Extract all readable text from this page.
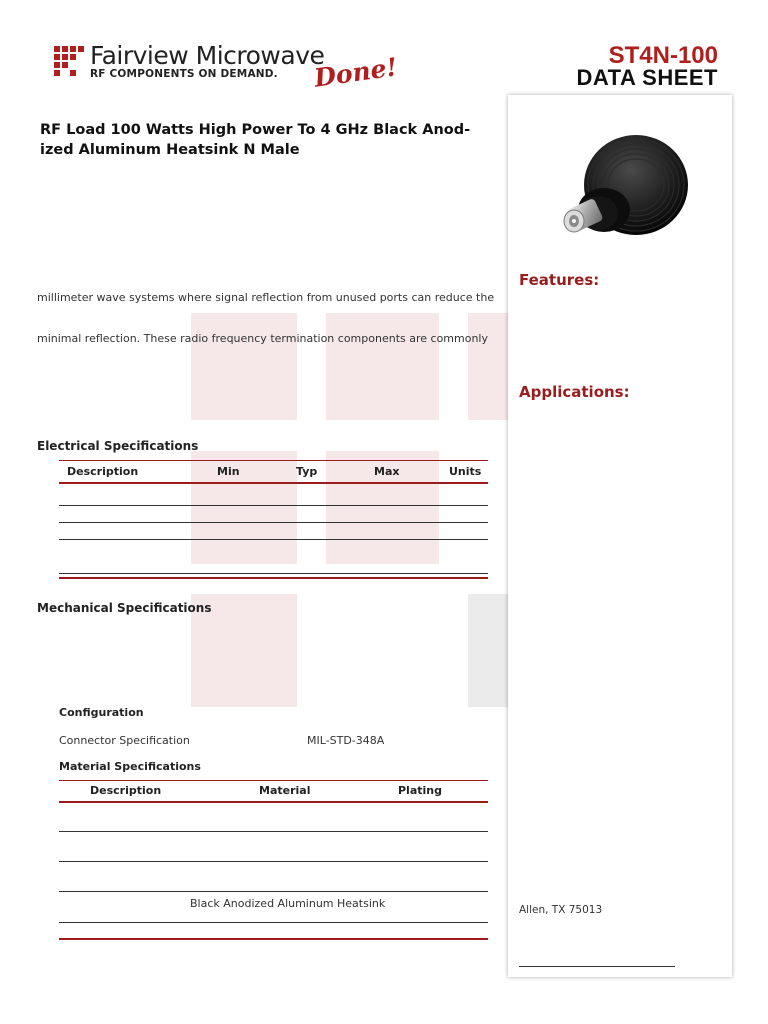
Fairview Microwave
RF COMPONENTS ON DEMAND. Done!	ST4N-100
DATA SHEET
Features:
Applications:
Allen, TX 75013
RF Load 100 Watts High Power To 4 GHz Black Anod-ized Aluminum Heatsink N Male
millimeter wave systems where signal reflection from unused ports can reduce the
minimal reflection. These radio frequency termination components are commonly
Electrical Specifications
Description	Min	Typ	Max	Units
Mechanical Specifications
Configuration
Connector Specification	MIL-STD-348A
Material Specifications
Description	Material	Plating
Black Anodized Aluminum Heatsink
